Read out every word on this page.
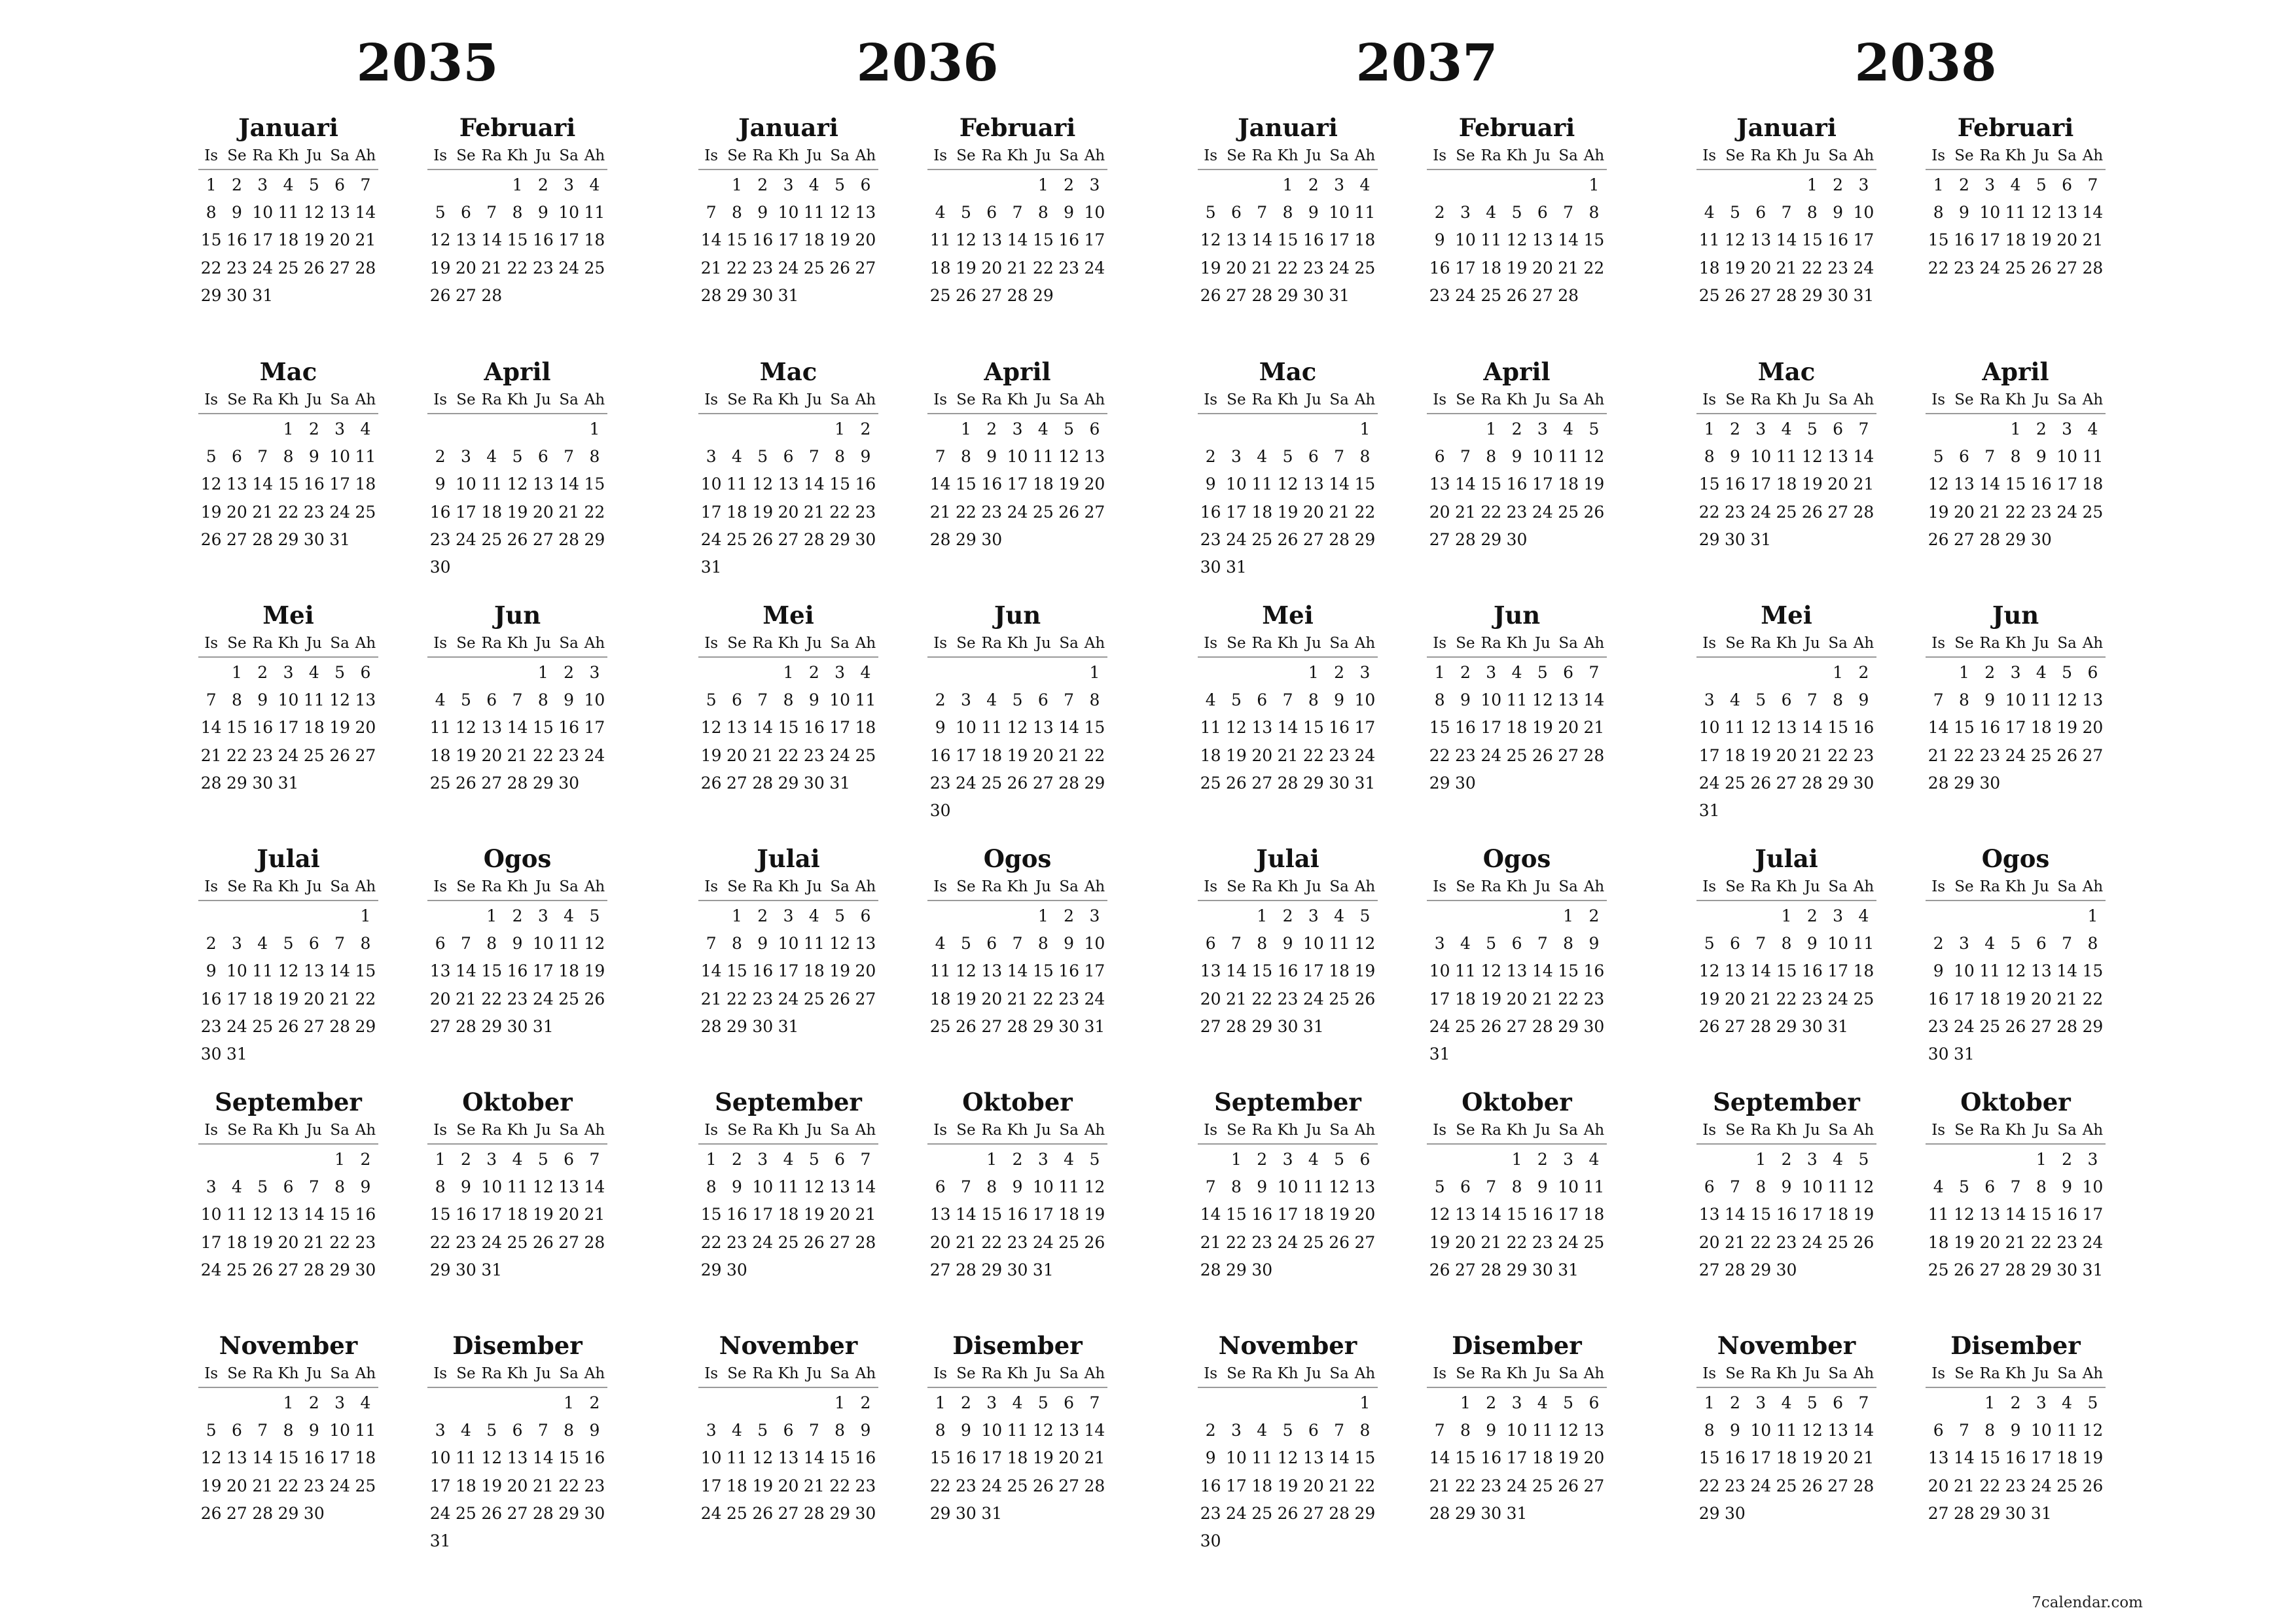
2035
Januari
Is Se Ra Kh Ju Sa Ah
1 2 3 4 5 6 7
8 9 10 11 12 13 14
15 16 17 18 19 20 21
22 23 24 25 26 27 28
29 30 31
Februari
Is Se Ra Kh Ju Sa Ah
1 2 3 4
5 6 7 8 9 10 11
12 13 14 15 16 17 18
19 20 21 22 23 24 25
26 27 28
Mac
Is Se Ra Kh Ju Sa Ah
1 2 3 4
5 6 7 8 9 10 11
12 13 14 15 16 17 18
19 20 21 22 23 24 25
26 27 28 29 30 31
April
Is Se Ra Kh Ju Sa Ah
1
2 3 4 5 6 7 8
9 10 11 12 13 14 15
16 17 18 19 20 21 22
23 24 25 26 27 28 29
30
Mei
Is Se Ra Kh Ju Sa Ah
1 2 3 4 5 6
7 8 9 10 11 12 13
14 15 16 17 18 19 20
21 22 23 24 25 26 27
28 29 30 31
Jun
Is Se Ra Kh Ju Sa Ah
1 2 3
4 5 6 7 8 9 10
11 12 13 14 15 16 17
18 19 20 21 22 23 24
25 26 27 28 29 30
Julai
Is Se Ra Kh Ju Sa Ah
1
2 3 4 5 6 7 8
9 10 11 12 13 14 15
16 17 18 19 20 21 22
23 24 25 26 27 28 29
30 31
Ogos
Is Se Ra Kh Ju Sa Ah
1 2 3 4 5
6 7 8 9 10 11 12
13 14 15 16 17 18 19
20 21 22 23 24 25 26
27 28 29 30 31
September
Is Se Ra Kh Ju Sa Ah
1 2
3 4 5 6 7 8 9
10 11 12 13 14 15 16
17 18 19 20 21 22 23
24 25 26 27 28 29 30
Oktober
Is Se Ra Kh Ju Sa Ah
1 2 3 4 5 6 7
8 9 10 11 12 13 14
15 16 17 18 19 20 21
22 23 24 25 26 27 28
29 30 31
November
Is Se Ra Kh Ju Sa Ah
1 2 3 4
5 6 7 8 9 10 11
12 13 14 15 16 17 18
19 20 21 22 23 24 25
26 27 28 29 30
Disember
Is Se Ra Kh Ju Sa Ah
1 2
3 4 5 6 7 8 9
10 11 12 13 14 15 16
17 18 19 20 21 22 23
24 25 26 27 28 29 30
31
2036
Januari
Is Se Ra Kh Ju Sa Ah
1 2 3 4 5 6
7 8 9 10 11 12 13
14 15 16 17 18 19 20
21 22 23 24 25 26 27
28 29 30 31
Februari
Is Se Ra Kh Ju Sa Ah
1 2 3
4 5 6 7 8 9 10
11 12 13 14 15 16 17
18 19 20 21 22 23 24
25 26 27 28 29
Mac
Is Se Ra Kh Ju Sa Ah
1 2
3 4 5 6 7 8 9
10 11 12 13 14 15 16
17 18 19 20 21 22 23
24 25 26 27 28 29 30
31
April
Is Se Ra Kh Ju Sa Ah
1 2 3 4 5 6
7 8 9 10 11 12 13
14 15 16 17 18 19 20
21 22 23 24 25 26 27
28 29 30
Mei
Is Se Ra Kh Ju Sa Ah
1 2 3 4
5 6 7 8 9 10 11
12 13 14 15 16 17 18
19 20 21 22 23 24 25
26 27 28 29 30 31
Jun
Is Se Ra Kh Ju Sa Ah
1
2 3 4 5 6 7 8
9 10 11 12 13 14 15
16 17 18 19 20 21 22
23 24 25 26 27 28 29
30
Julai
Is Se Ra Kh Ju Sa Ah
1 2 3 4 5 6
7 8 9 10 11 12 13
14 15 16 17 18 19 20
21 22 23 24 25 26 27
28 29 30 31
Ogos
Is Se Ra Kh Ju Sa Ah
1 2 3
4 5 6 7 8 9 10
11 12 13 14 15 16 17
18 19 20 21 22 23 24
25 26 27 28 29 30 31
September
Is Se Ra Kh Ju Sa Ah
1 2 3 4 5 6 7
8 9 10 11 12 13 14
15 16 17 18 19 20 21
22 23 24 25 26 27 28
29 30
Oktober
Is Se Ra Kh Ju Sa Ah
1 2 3 4 5
6 7 8 9 10 11 12
13 14 15 16 17 18 19
20 21 22 23 24 25 26
27 28 29 30 31
November
Is Se Ra Kh Ju Sa Ah
1 2
3 4 5 6 7 8 9
10 11 12 13 14 15 16
17 18 19 20 21 22 23
24 25 26 27 28 29 30
Disember
Is Se Ra Kh Ju Sa Ah
1 2 3 4 5 6 7
8 9 10 11 12 13 14
15 16 17 18 19 20 21
22 23 24 25 26 27 28
29 30 31
2037
Januari
Is Se Ra Kh Ju Sa Ah
1 2 3 4
5 6 7 8 9 10 11
12 13 14 15 16 17 18
19 20 21 22 23 24 25
26 27 28 29 30 31
Februari
Is Se Ra Kh Ju Sa Ah
1
2 3 4 5 6 7 8
9 10 11 12 13 14 15
16 17 18 19 20 21 22
23 24 25 26 27 28
Mac
Is Se Ra Kh Ju Sa Ah
1
2 3 4 5 6 7 8
9 10 11 12 13 14 15
16 17 18 19 20 21 22
23 24 25 26 27 28 29
30 31
April
Is Se Ra Kh Ju Sa Ah
1 2 3 4 5
6 7 8 9 10 11 12
13 14 15 16 17 18 19
20 21 22 23 24 25 26
27 28 29 30
Mei
Is Se Ra Kh Ju Sa Ah
1 2 3
4 5 6 7 8 9 10
11 12 13 14 15 16 17
18 19 20 21 22 23 24
25 26 27 28 29 30 31
Jun
Is Se Ra Kh Ju Sa Ah
1 2 3 4 5 6 7
8 9 10 11 12 13 14
15 16 17 18 19 20 21
22 23 24 25 26 27 28
29 30
Julai
Is Se Ra Kh Ju Sa Ah
1 2 3 4 5
6 7 8 9 10 11 12
13 14 15 16 17 18 19
20 21 22 23 24 25 26
27 28 29 30 31
Ogos
Is Se Ra Kh Ju Sa Ah
1 2
3 4 5 6 7 8 9
10 11 12 13 14 15 16
17 18 19 20 21 22 23
24 25 26 27 28 29 30
31
September
Is Se Ra Kh Ju Sa Ah
1 2 3 4 5 6
7 8 9 10 11 12 13
14 15 16 17 18 19 20
21 22 23 24 25 26 27
28 29 30
Oktober
Is Se Ra Kh Ju Sa Ah
1 2 3 4
5 6 7 8 9 10 11
12 13 14 15 16 17 18
19 20 21 22 23 24 25
26 27 28 29 30 31
November
Is Se Ra Kh Ju Sa Ah
1
2 3 4 5 6 7 8
9 10 11 12 13 14 15
16 17 18 19 20 21 22
23 24 25 26 27 28 29
30
Disember
Is Se Ra Kh Ju Sa Ah
1 2 3 4 5 6
7 8 9 10 11 12 13
14 15 16 17 18 19 20
21 22 23 24 25 26 27
28 29 30 31
2038
Januari
Is Se Ra Kh Ju Sa Ah
1 2 3
4 5 6 7 8 9 10
11 12 13 14 15 16 17
18 19 20 21 22 23 24
25 26 27 28 29 30 31
Februari
Is Se Ra Kh Ju Sa Ah
1 2 3 4 5 6 7
8 9 10 11 12 13 14
15 16 17 18 19 20 21
22 23 24 25 26 27 28
Mac
Is Se Ra Kh Ju Sa Ah
1 2 3 4 5 6 7
8 9 10 11 12 13 14
15 16 17 18 19 20 21
22 23 24 25 26 27 28
29 30 31
April
Is Se Ra Kh Ju Sa Ah
1 2 3 4
5 6 7 8 9 10 11
12 13 14 15 16 17 18
19 20 21 22 23 24 25
26 27 28 29 30
Mei
Is Se Ra Kh Ju Sa Ah
1 2
3 4 5 6 7 8 9
10 11 12 13 14 15 16
17 18 19 20 21 22 23
24 25 26 27 28 29 30
31
Jun
Is Se Ra Kh Ju Sa Ah
1 2 3 4 5 6
7 8 9 10 11 12 13
14 15 16 17 18 19 20
21 22 23 24 25 26 27
28 29 30
Julai
Is Se Ra Kh Ju Sa Ah
1 2 3 4
5 6 7 8 9 10 11
12 13 14 15 16 17 18
19 20 21 22 23 24 25
26 27 28 29 30 31
Ogos
Is Se Ra Kh Ju Sa Ah
1
2 3 4 5 6 7 8
9 10 11 12 13 14 15
16 17 18 19 20 21 22
23 24 25 26 27 28 29
30 31
September
Is Se Ra Kh Ju Sa Ah
1 2 3 4 5
6 7 8 9 10 11 12
13 14 15 16 17 18 19
20 21 22 23 24 25 26
27 28 29 30
Oktober
Is Se Ra Kh Ju Sa Ah
1 2 3
4 5 6 7 8 9 10
11 12 13 14 15 16 17
18 19 20 21 22 23 24
25 26 27 28 29 30 31
November
Is Se Ra Kh Ju Sa Ah
1 2 3 4 5 6 7
8 9 10 11 12 13 14
15 16 17 18 19 20 21
22 23 24 25 26 27 28
29 30
Disember
Is Se Ra Kh Ju Sa Ah
1 2 3 4 5
6 7 8 9 10 11 12
13 14 15 16 17 18 19
20 21 22 23 24 25 26
27 28 29 30 31
7calendar.com
